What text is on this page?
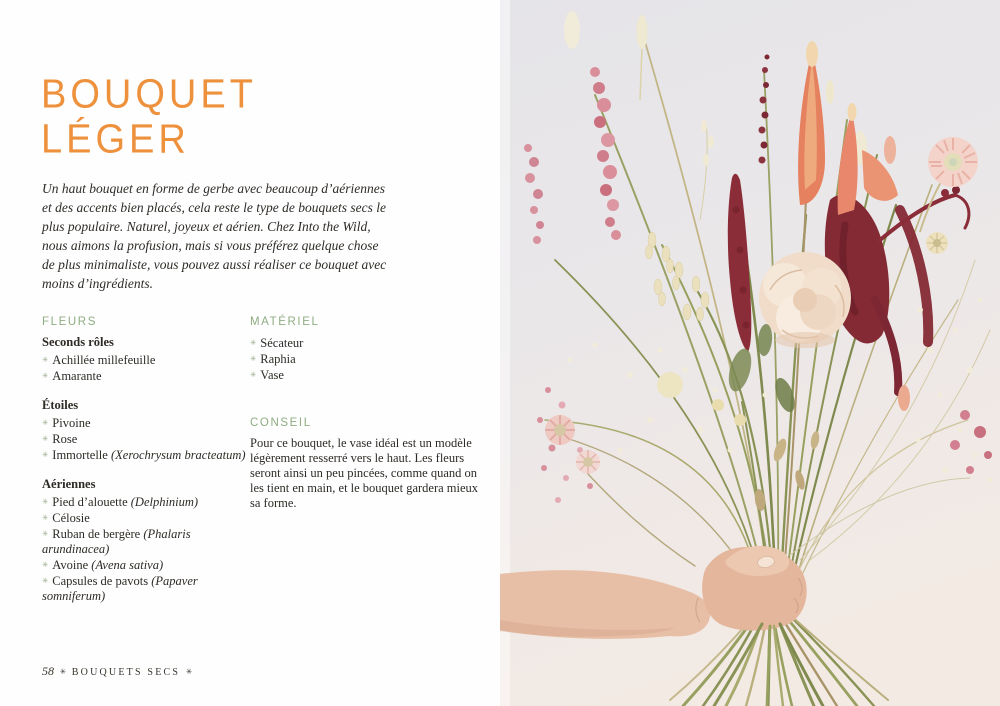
BOUQUET
LÉGER
Un haut bouquet en forme de gerbe avec beaucoup d’aériennes
et des accents bien placés, cela reste le type de bouquets secs le
plus populaire. Naturel, joyeux et aérien. Chez Into the Wild,
nous aimons la profusion, mais si vous préférez quelque chose
de plus minimaliste, vous pouvez aussi réaliser ce bouquet avec
moins d’ingrédients.
FLEURS
Seconds rôles
✳ Achillée millefeuille
✳ Amarante
Étoiles
✳ Pivoine
✳ Rose
✳ Immortelle (Xerochrysum bracteatum)
Aériennes
✳ Pied d’alouette (Delphinium)
✳ Célosie
✳ Ruban de bergère (Phalaris arundinacea)
✳ Avoine (Avena sativa)
✳ Capsules de pavots (Papaver somniferum)
MATÉRIEL
✳ Sécateur
✳ Raphia
✳ Vase
CONSEIL
Pour ce bouquet, le vase idéal est un modèle
légèrement resserré vers le haut. Les fleurs
seront ainsi un peu pincées, comme quand on
les tient en main, et le bouquet gardera mieux
sa forme.
58 ✳ BOUQUETS SECS ✳
